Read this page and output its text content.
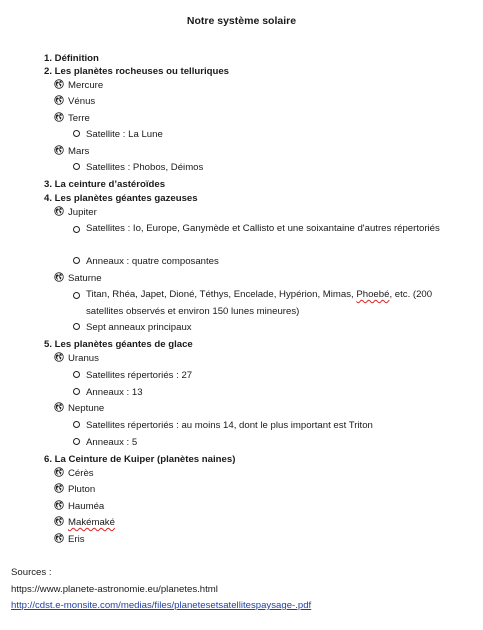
Notre système solaire
1. Définition
2. Les planètes rocheuses ou telluriques
Mercure
Vénus
Terre
Satellite : La Lune
Mars
Satellites : Phobos, Déimos
3. La ceinture d’astéroïdes
4. Les planètes géantes gazeuses
Jupiter
Satellites : Io, Europe, Ganymède et Callisto et une soixantaine d'autres répertoriés
Anneaux : quatre composantes
Saturne
Titan, Rhéa, Japet, Dioné, Téthys, Encelade, Hypérion, Mimas, Phoebé, etc. (200 satellites observés et environ 150 lunes mineures)
Sept anneaux principaux
5. Les planètes géantes de glace
Uranus
Satellites répertoriés : 27
Anneaux : 13
Neptune
Satellites répertoriés : au moins 14, dont le plus important est Triton
Anneaux : 5
6. La Ceinture de Kuiper (planètes naines)
Cérès
Pluton
Hauméa
Makémaké
Eris
Sources :
https://www.planete-astronomie.eu/planetes.html
http://cdst.e-monsite.com/medias/files/planetesetsatellitespaysage-.pdf
